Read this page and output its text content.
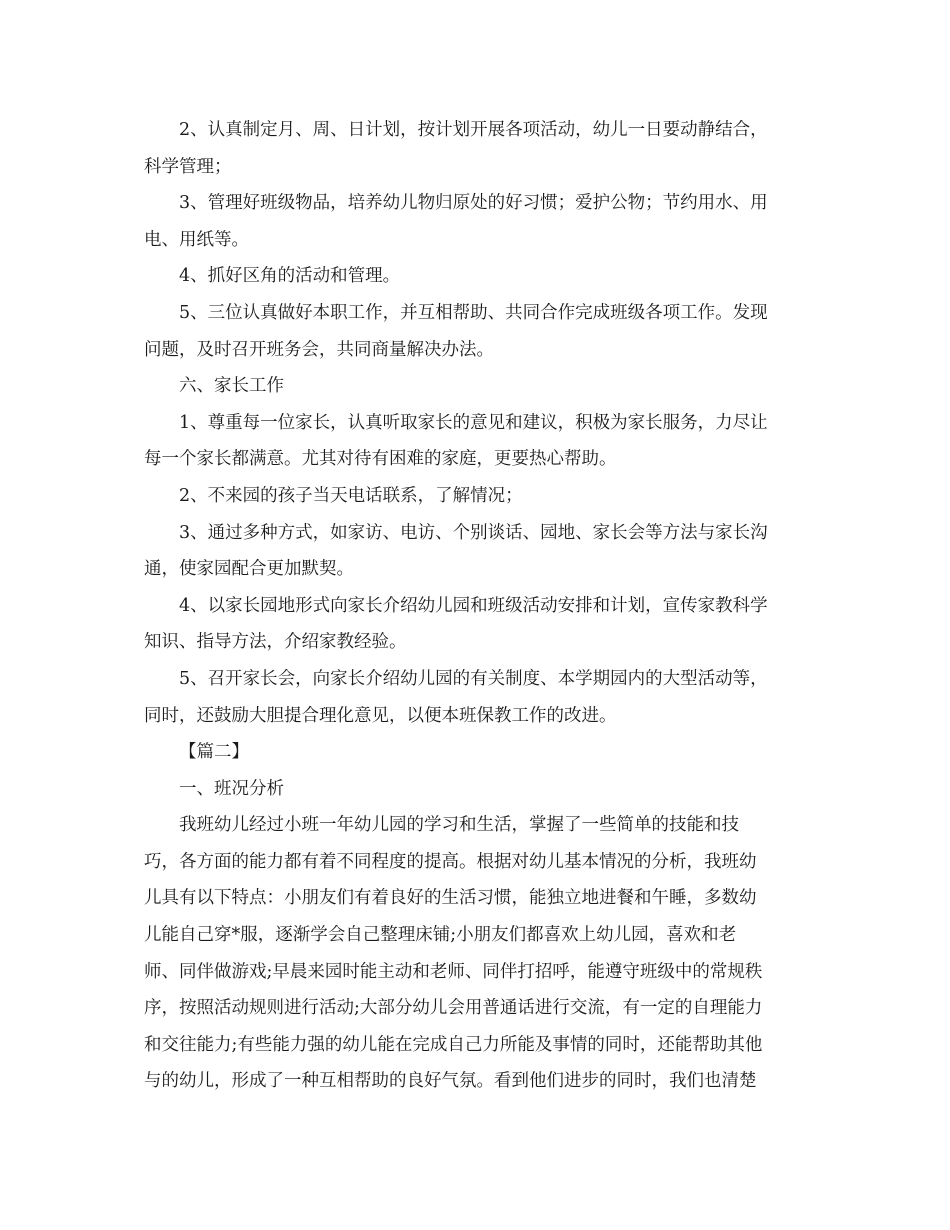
2、认真制定月、周、日计划，按计划开展各项活动，幼儿一日要动静结合，
科学管理；
3、管理好班级物品，培养幼儿物归原处的好习惯；爱护公物；节约用水、用
电、用纸等。
4、抓好区角的活动和管理。
5、三位认真做好本职工作，并互相帮助、共同合作完成班级各项工作。发现
问题，及时召开班务会，共同商量解决办法。
六、家长工作
1、尊重每一位家长，认真听取家长的意见和建议，积极为家长服务，力尽让
每一个家长都满意。尤其对待有困难的家庭，更要热心帮助。
2、不来园的孩子当天电话联系，了解情况；
3、通过多种方式，如家访、电访、个别谈话、园地、家长会等方法与家长沟
通，使家园配合更加默契。
4、以家长园地形式向家长介绍幼儿园和班级活动安排和计划，宣传家教科学
知识、指导方法，介绍家教经验。
5、召开家长会，向家长介绍幼儿园的有关制度、本学期园内的大型活动等，
同时，还鼓励大胆提合理化意见，以便本班保教工作的改进。
【篇二】
一、班况分析
我班幼儿经过小班一年幼儿园的学习和生活，掌握了一些简单的技能和技
巧，各方面的能力都有着不同程度的提高。根据对幼儿基本情况的分析，我班幼
儿具有以下特点：小朋友们有着良好的生活习惯，能独立地进餐和午睡，多数幼
儿能自己穿*服，逐渐学会自己整理床铺;小朋友们都喜欢上幼儿园，喜欢和老
师、同伴做游戏;早晨来园时能主动和老师、同伴打招呼，能遵守班级中的常规秩
序，按照活动规则进行活动;大部分幼儿会用普通话进行交流，有一定的自理能力
和交往能力;有些能力强的幼儿能在完成自己力所能及事情的同时，还能帮助其他
与的幼儿，形成了一种互相帮助的良好气氛。看到他们进步的同时，我们也清楚
